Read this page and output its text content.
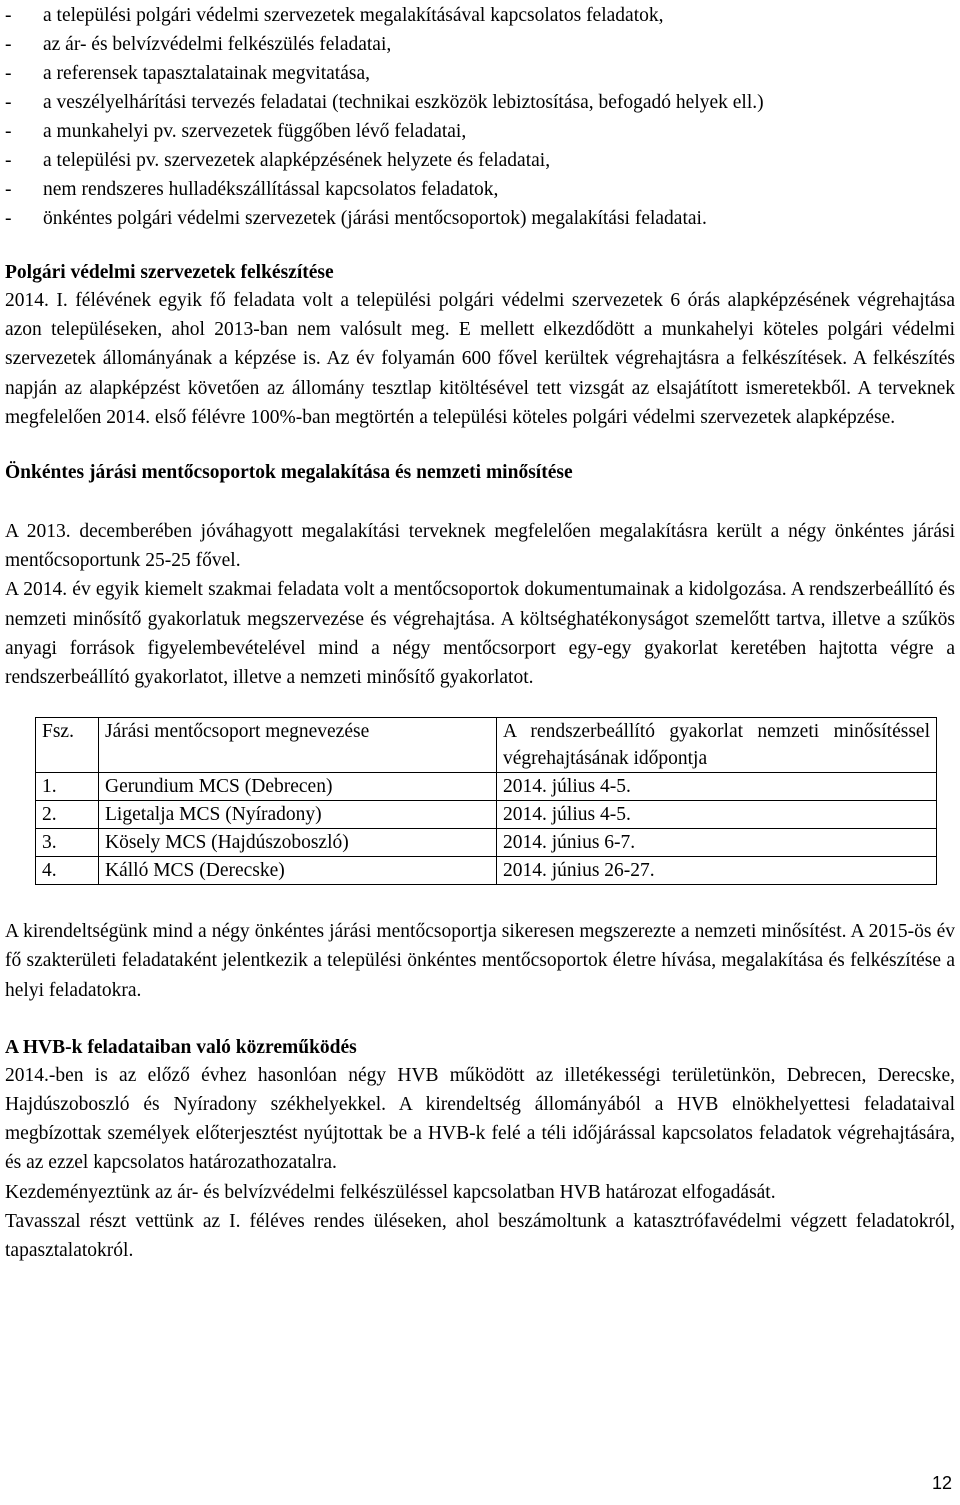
- a települési polgári védelmi szervezetek megalakításával kapcsolatos feladatok,
- az ár- és belvízvédelmi felkészülés feladatai,
- a referensek tapasztalatainak megvitatása,
- a veszélyelhárítási tervezés feladatai (technikai eszközök lebiztosítása, befogadó helyek ell.)
- a munkahelyi pv. szervezetek függőben lévő feladatai,
- a települési pv. szervezetek alapképzésének helyzete és feladatai,
- nem rendszeres hulladékszállítással kapcsolatos feladatok,
- önkéntes polgári védelmi szervezetek (járási mentőcsoportok) megalakítási feladatai.
Polgári védelmi szervezetek felkészítése

2014. I. félévének egyik fő feladata volt a települési polgári védelmi szervezetek 6 órás alapképzésének végrehajtása azon településeken, ahol 2013-ban nem valósult meg. E mellett elkezdődött a munkahelyi köteles polgári védelmi szervezetek állományának a képzése is. Az év folyamán 600 fővel kerültek végrehajtásra a felkészítések. A felkészítés napján az alapképzést követően az állomány tesztlap kitöltésével tett vizsgát az elsajátított ismeretekből. A terveknek megfelelően 2014. első félévre 100%-ban megtörtén a települési köteles polgári védelmi szervezetek alapképzése.

Önkéntes járási mentőcsoportok megalakítása és nemzeti minősítése

A 2013. decemberében jóváhagyott megalakítási terveknek megfelelően megalakításra került a négy önkéntes járási mentőcsoportunk 25-25 fővel.

A 2014. év egyik kiemelt szakmai feladata volt a mentőcsoportok dokumentumainak a kidolgozása. A rendszerbeállító és nemzeti minősítő gyakorlatuk megszervezése és végrehajtása. A költséghatékonyságot szemelőtt tartva, illetve a szűkös anyagi források figyelembevételével mind a négy mentőcsorport egy-egy gyakorlat keretében hajtotta végre a rendszerbeállító gyakorlatot, illetve a nemzeti minősítő gyakorlatot.

Fsz.	Járási mentőcsoport megnevezése	A rendszerbeállító gyakorlat nemzeti minősítéssel végrehajtásának időpontja
1.	Gerundium MCS (Debrecen)	2014. július 4-5.
2.	Ligetalja MCS (Nyíradony)	2014. július 4-5.
3.	Kösely MCS (Hajdúszoboszló)	2014. június 6-7.
4.	Kálló MCS (Derecske)	2014. június 26-27.

A kirendeltségünk mind a négy önkéntes járási mentőcsoportja sikeresen megszerezte a nemzeti minősítést. A 2015-ös év fő szakterületi feladataként jelentkezik a települési önkéntes mentőcsoportok életre hívása, megalakítása és felkészítése a helyi feladatokra.

A HVB-k feladataiban való közreműködés

2014.-ben is az előző évhez hasonlóan négy HVB működött az illetékességi területünkön, Debrecen, Derecske, Hajdúszoboszló és Nyíradony székhelyekkel. A kirendeltség állományából a HVB elnökhelyettesi feladataival megbízottak személyek előterjesztést nyújtottak be a HVB-k felé a téli időjárással kapcsolatos feladatok végrehajtására, és az ezzel kapcsolatos határozathozatalra.

Kezdeményeztünk az ár- és belvízvédelmi felkészüléssel kapcsolatban HVB határozat elfogadását.

Tavasszal részt vettünk az I. féléves rendes üléseken, ahol beszámoltunk a katasztrófavédelmi végzett feladatokról, tapasztalatokról.

12
